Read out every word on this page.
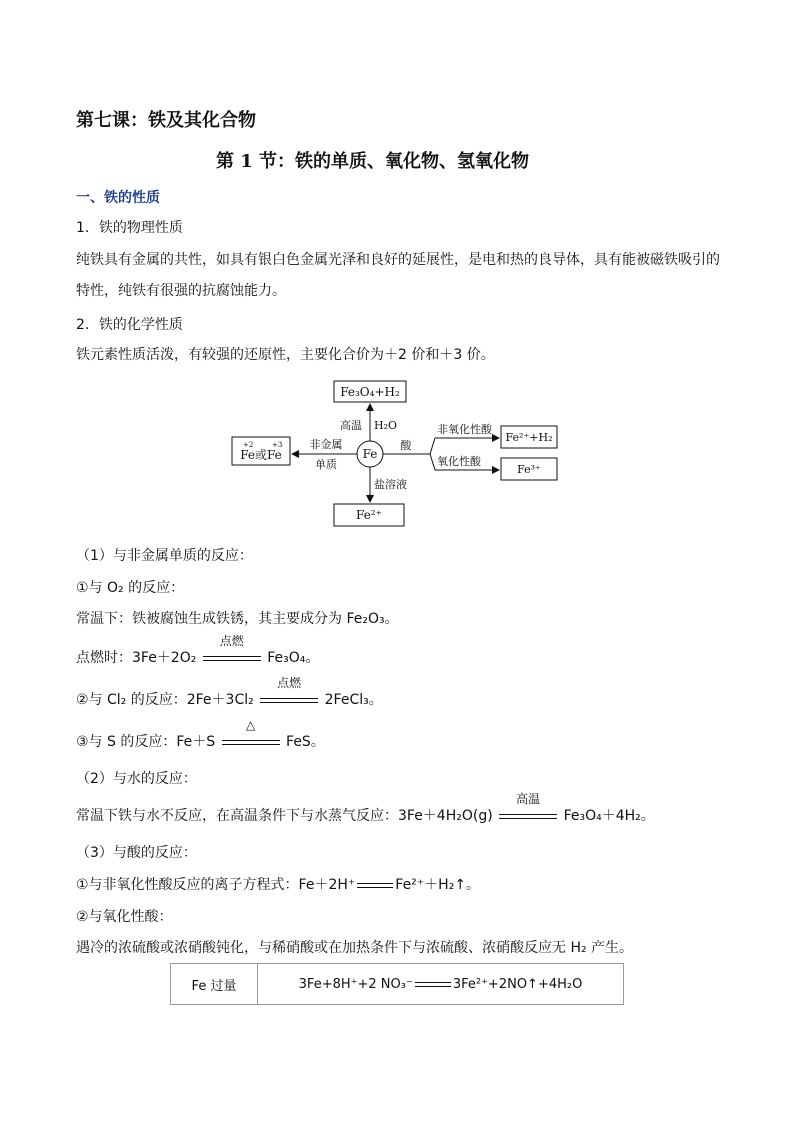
第七课：铁及其化合物
第 1 节：铁的单质、氧化物、氢氧化物
一、铁的性质
1．铁的物理性质
纯铁具有金属的共性，如具有银白色金属光泽和良好的延展性，是电和热的良导体，具有能被磁铁吸引的
特性，纯铁有很强的抗腐蚀能力。
2．铁的化学性质
铁元素性质活泼，有较强的还原性，主要化合价为＋2 价和＋3 价。
Fe
Fe₃O₄+H₂
高温 H₂O
Fe或Fe
+2	+3 非金属
单质
Fe²⁺
盐溶液
酸
非氧化性酸
氧化性酸
Fe²⁺+H₂
Fe³⁺
（1）与非金属单质的反应：
①与 O₂ 的反应：
常温下：铁被腐蚀生成铁锈，其主要成分为 Fe₂O₃。
点燃时：3Fe＋2O₂
点燃
Fe₃O₄。
②与 Cl₂ 的反应：2Fe＋3Cl₂
点燃
2FeCl₃。
③与 S 的反应：Fe＋S
△
FeS。
（2）与水的反应：
常温下铁与水不反应，在高温条件下与水蒸气反应：3Fe＋4H₂O(g)
高温
Fe₃O₄＋4H₂。
（3）与酸的反应：
①与非氧化性酸反应的离子方程式：Fe＋2H⁺	Fe²⁺＋H₂↑。
②与氧化性酸：
遇冷的浓硫酸或浓硝酸钝化，与稀硝酸或在加热条件下与浓硫酸、浓硝酸反应无 H₂ 产生。
Fe 过量	3Fe+8H⁺+2 NO₃⁻	3Fe²⁺+2NO↑+4H₂O
